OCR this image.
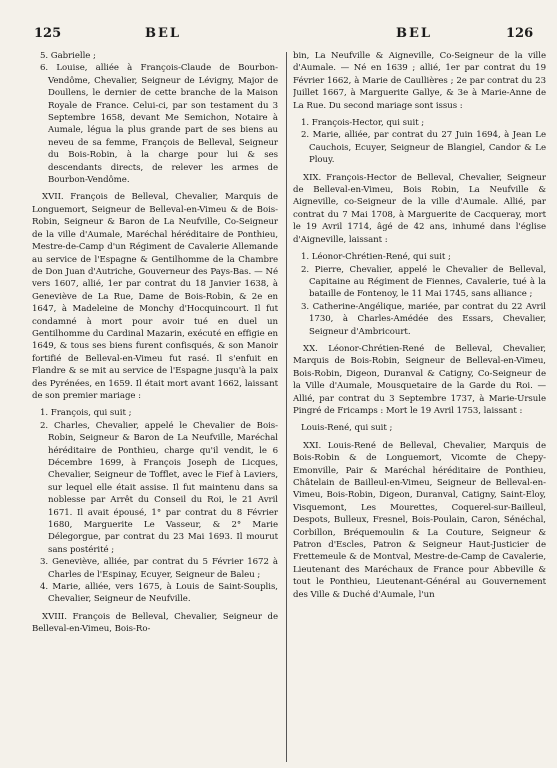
125	BEL	BEL	126

5. Gabrielle ;

6. Louise, alliée à François-Claude de Bourbon-Vendôme, Chevalier, Seigneur de Lévigny, Major de Doullens, le dernier de cette branche de la Maison Royale de France. Celui-ci, par son testament du 3 Septembre 1658, devant Me Semichon, Notaire à Aumale, légua la plus grande part de ses biens au neveu de sa femme, François de Belleval, Seigneur du Bois-Robin, à la charge pour lui & ses descendants directs, de relever les armes de Bourbon-Vendôme.

XVII. François de Belleval, Chevalier, Marquis de Longuemort, Seigneur de Belleval-en-Vimeu & de Bois-Robin, Seigneur & Baron de La Neufville, Co-Seigneur de la ville d'Aumale, Maréchal héréditaire de Ponthieu, Mestre-de-Camp d'un Régiment de Cavalerie Allemande au service de l'Espagne & Gentilhomme de la Chambre de Don Juan d'Autriche, Gouverneur des Pays-Bas. — Né vers 1607, allié, 1er par contrat du 18 Janvier 1638, à Geneviève de La Rue, Dame de Bois-Robin, & 2e en 1647, à Madeleine de Monchy d'Hocquincourt. Il fut condamné à mort pour avoir tué en duel un Gentilhomme du Cardinal Mazarin, exécuté en effigie en 1649, & tous ses biens furent confisqués, & son Manoir fortifié de Belleval-en-Vimeu fut rasé. Il s'enfuit en Flandre & se mit au service de l'Espagne jusqu'à la paix des Pyrénées, en 1659. Il était mort avant 1662, laissant de son premier mariage :

1. François, qui suit ;

2. Charles, Chevalier, appelé le Chevalier de Bois-Robin, Seigneur & Baron de La Neufville, Maréchal héréditaire de Ponthieu, charge qu'il vendit, le 6 Décembre 1699, à François Joseph de Licques, Chevalier, Seigneur de Tofflet, avec le Fief à Laviers, sur lequel elle était assise. Il fut maintenu dans sa noblesse par Arrêt du Conseil du Roi, le 21 Avril 1671. Il avait épousé, 1° par contrat du 8 Février 1680, Marguerite Le Vasseur, & 2° Marie Délegorgue, par contrat du 23 Mai 1693. Il mourut sans postérité ;

3. Geneviève, alliée, par contrat du 5 Février 1672 à Charles de l'Espinay, Ecuyer, Seigneur de Baleu ;

4. Marie, alliée, vers 1675, à Louis de Saint-Souplis, Chevalier, Seigneur de Neufville.

XVIII. François de Belleval, Chevalier, Seigneur de Belleval-en-Vimeu, Bois-Ro-

bin, La Neufville & Aigneville, Co-Seigneur de la ville d'Aumale. — Né en 1639 ; allié, 1er par contrat du 19 Février 1662, à Marie de Caullières ; 2e par contrat du 23 Juillet 1667, à Marguerite Gallye, & 3e à Marie-Anne de La Rue. Du second mariage sont issus :

1. François-Hector, qui suit ;

2. Marie, alliée, par contrat du 27 Juin 1694, à Jean Le Cauchois, Ecuyer, Seigneur de Blangiel, Candor & Le Plouy.

XIX. François-Hector de Belleval, Chevalier, Seigneur de Belleval-en-Vimeu, Bois Robin, La Neufville & Aigneville, co-Seigneur de la ville d'Aumale. Allié, par contrat du 7 Mai 1708, à Marguerite de Cacqueray, mort le 19 Avril 1714, âgé de 42 ans, inhumé dans l'église d'Aigneville, laissant :

1. Léonor-Chrétien-René, qui suit ;

2. Pierre, Chevalier, appelé le Chevalier de Belleval, Capitaine au Régiment de Fiennes, Cavalerie, tué à la bataille de Fontenoy, le 11 Mai 1745, sans alliance ;

3. Catherine-Angélique, mariée, par contrat du 22 Avril 1730, à Charles-Amédée des Essars, Chevalier, Seigneur d'Ambricourt.

XX. Léonor-Chrétien-René de Belleval, Chevalier, Marquis de Bois-Robin, Seigneur de Belleval-en-Vimeu, Bois-Robin, Digeon, Duranval & Catigny, Co-Seigneur de la Ville d'Aumale, Mousquetaire de la Garde du Roi. — Allié, par contrat du 3 Septembre 1737, à Marie-Ursule Pingré de Fricamps : Mort le 19 Avril 1753, laissant :

Louis-René, qui suit ;

XXI. Louis-René de Belleval, Chevalier, Marquis de Bois-Robin & de Longuemort, Vicomte de Chepy-Emonville, Pair & Maréchal héréditaire de Ponthieu, Châtelain de Bailleul-en-Vimeu, Seigneur de Belleval-en-Vimeu, Bois-Robin, Digeon, Duranval, Catigny, Saint-Eloy, Visquemont, Les Mourettes, Coquerel-sur-Bailleul, Despots, Bulleux, Fresnel, Bois-Poulain, Caron, Sénéchal, Corbillon, Bréquemoulin & La Couture, Seigneur & Patron d'Escles, Patron & Seigneur Haut-Justicier de Frettemeule & de Montval, Mestre-de-Camp de Cavalerie, Lieutenant des Maréchaux de France pour Abbeville & tout le Ponthieu, Lieutenant-Général au Gouvernement des Ville & Duché d'Aumale, l'un
